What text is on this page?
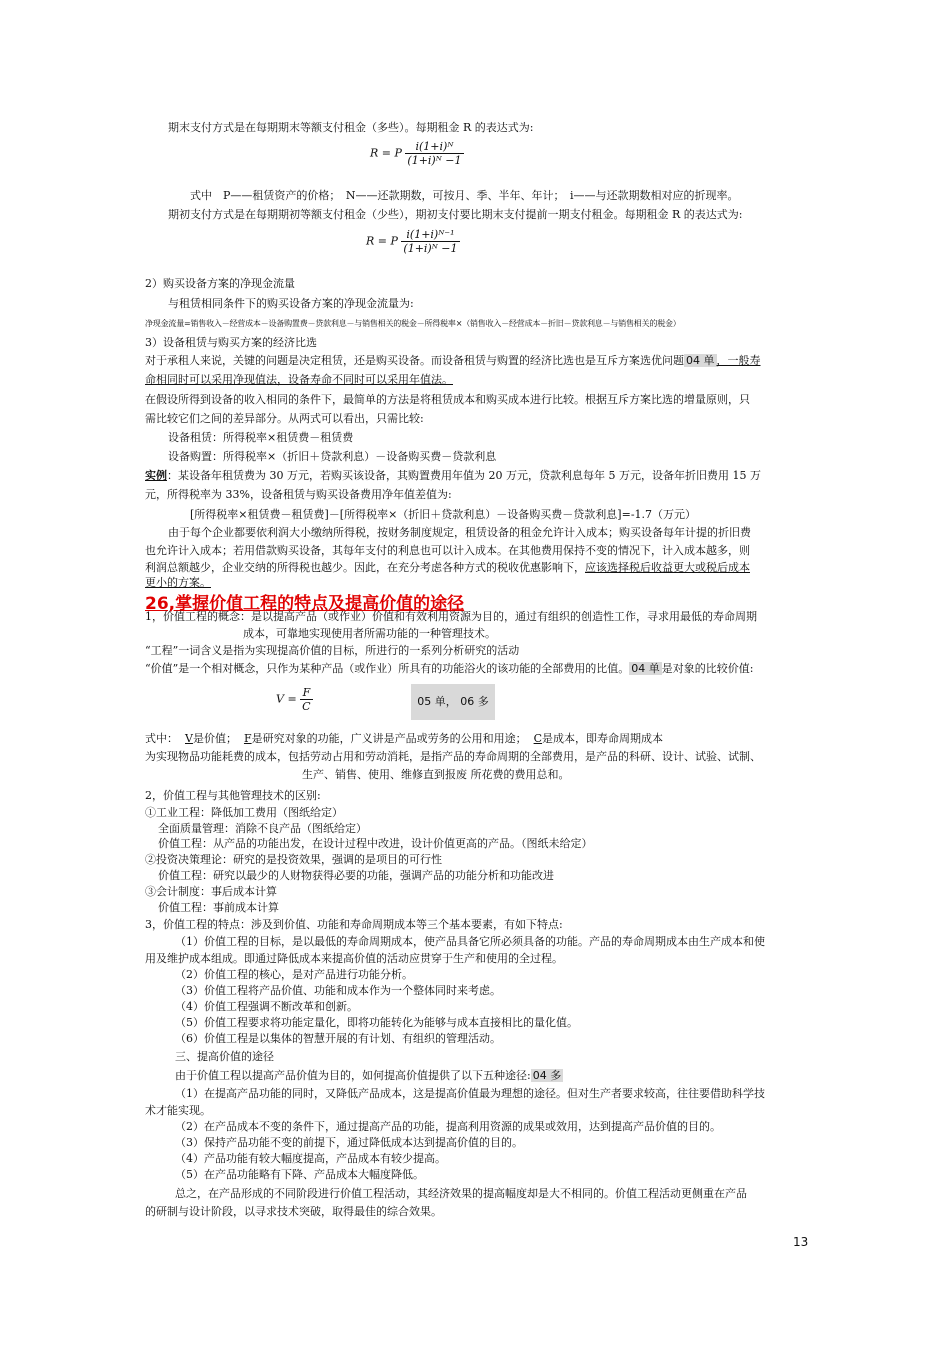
期末支付方式是在每期期末等额支付租金（多些）。每期租金 R 的表达式为:
R = P $\frac{\text{i(1+i)ᴺ}}{\text{(1+i)ᴺ −1}}$
式中　P——租赁资产的价格；　N——还款期数，可按月、季、半年、年计；　i——与还款期数相对应的折现率。
期初支付方式是在每期期初等额支付租金（少些），期初支付要比期末支付提前一期支付租金。每期租金 R 的表达式为:
R = P $\frac{\text{i(1+i)ᴺ⁻¹}}{\text{(1+i)ᴺ −1}}$
2）购买设备方案的净现金流量
与租赁相同条件下的购买设备方案的净现金流量为:
净现金流量=销售收入－经营成本－设备购置费－贷款利息－与销售相关的税金－所得税率×（销售收入－经营成本－折旧－贷款利息－与销售相关的税金）
3）设备租赁与购买方案的经济比选
对于承租人来说，关键的问题是决定租赁，还是购买设备。而设备租赁与购置的经济比选也是互斥方案选优问题 04 单 ，一般寿
命相同时可以采用净现值法，设备寿命不同时可以采用年值法。
在假设所得到设备的收入相同的条件下，最简单的方法是将租赁成本和购买成本进行比较。根据互斥方案比选的增量原则，只
需比较它们之间的差异部分。从两式可以看出，只需比较:
设备租赁：所得税率×租赁费－租赁费
设备购置：所得税率×（折旧＋贷款利息）－设备购买费－贷款利息
实例：某设备年租赁费为 30 万元，若购买该设备，其购置费用年值为 20 万元，贷款利息每年 5 万元，设备年折旧费用 15 万
元，所得税率为 33%，设备租赁与购买设备费用净年值差值为:
[所得税率×租赁费－租赁费]－[所得税率×（折旧＋贷款利息）－设备购买费－贷款利息]=-1.7（万元）
由于每个企业都要依利润大小缴纳所得税，按财务制度规定，租赁设备的租金允许计入成本；购买设备每年计提的折旧费
也允许计入成本；若用借款购买设备，其每年支付的利息也可以计入成本。在其他费用保持不变的情况下，计入成本越多，则
利润总额越少，企业交纳的所得税也越少。因此，在充分考虑各种方式的税收优惠影响下，应该选择税后收益更大或税后成本
更小的方案。
26,掌握价值工程的特点及提高价值的途径
1，价值工程的概念：是以提高产品（或作业）价值和有效利用资源为目的，通过有组织的创造性工作，寻求用最低的寿命周期
成本，可靠地实现使用者所需功能的一种管理技术。
“工程”一词含义是指为实现提高价值的目标，所进行的一系列分析研究的活动
“价值”是一个相对概念，只作为某种产品（或作业）所具有的功能浴火的该功能的全部费用的比值。 04 单 是对象的比较价值:
$V = \frac{F}{C}$	05 单， 06 多
式中： V是价值； F是研究对象的功能，广义讲是产品或劳务的公用和用途； C是成本，即寿命周期成本
为实现物品功能耗费的成本，包括劳动占用和劳动消耗，是指产品的寿命周期的全部费用，是产品的科研、设计、试验、试制、
生产、销售、使用、维修直到报废 所花费的费用总和。
2，价值工程与其他管理技术的区别:
①工业工程：降低加工费用（图纸给定）
全面质量管理：消除不良产品（图纸给定）
价值工程：从产品的功能出发，在设计过程中改进，设计价值更高的产品。（图纸未给定）
②投资决策理论：研究的是投资效果，强调的是项目的可行性
价值工程：研究以最少的人财物获得必要的功能，强调产品的功能分析和功能改进
③会计制度：事后成本计算
价值工程：事前成本计算
3，价值工程的特点：涉及到价值、功能和寿命周期成本等三个基本要素，有如下特点:
（1）价值工程的目标，是以最低的寿命周期成本，使产品具备它所必须具备的功能。产品的寿命周期成本由生产成本和使
用及维护成本组成。即通过降低成本来提高价值的活动应贯穿于生产和使用的全过程。
（2）价值工程的核心，是对产品进行功能分析。
（3）价值工程将产品价值、功能和成本作为一个整体同时来考虑。
（4）价值工程强调不断改革和创新。
（5）价值工程要求将功能定量化，即将功能转化为能够与成本直接相比的量化值。
（6）价值工程是以集体的智慧开展的有计划、有组织的管理活动。
三、提高价值的途径
由于价值工程以提高产品价值为目的，如何提高价值提供了以下五种途径: 04 多
（1）在提高产品功能的同时，又降低产品成本，这是提高价值最为理想的途径。但对生产者要求较高，往往要借助科学技
术才能实现。
（2）在产品成本不变的条件下，通过提高产品的功能，提高利用资源的成果或效用，达到提高产品价值的目的。
（3）保持产品功能不变的前提下，通过降低成本达到提高价值的目的。
（4）产品功能有较大幅度提高，产品成本有较少提高。
（5）在产品功能略有下降、产品成本大幅度降低。
总之，在产品形成的不同阶段进行价值工程活动，其经济效果的提高幅度却是大不相同的。价值工程活动更侧重在产品
的研制与设计阶段，以寻求技术突破，取得最佳的综合效果。
13
